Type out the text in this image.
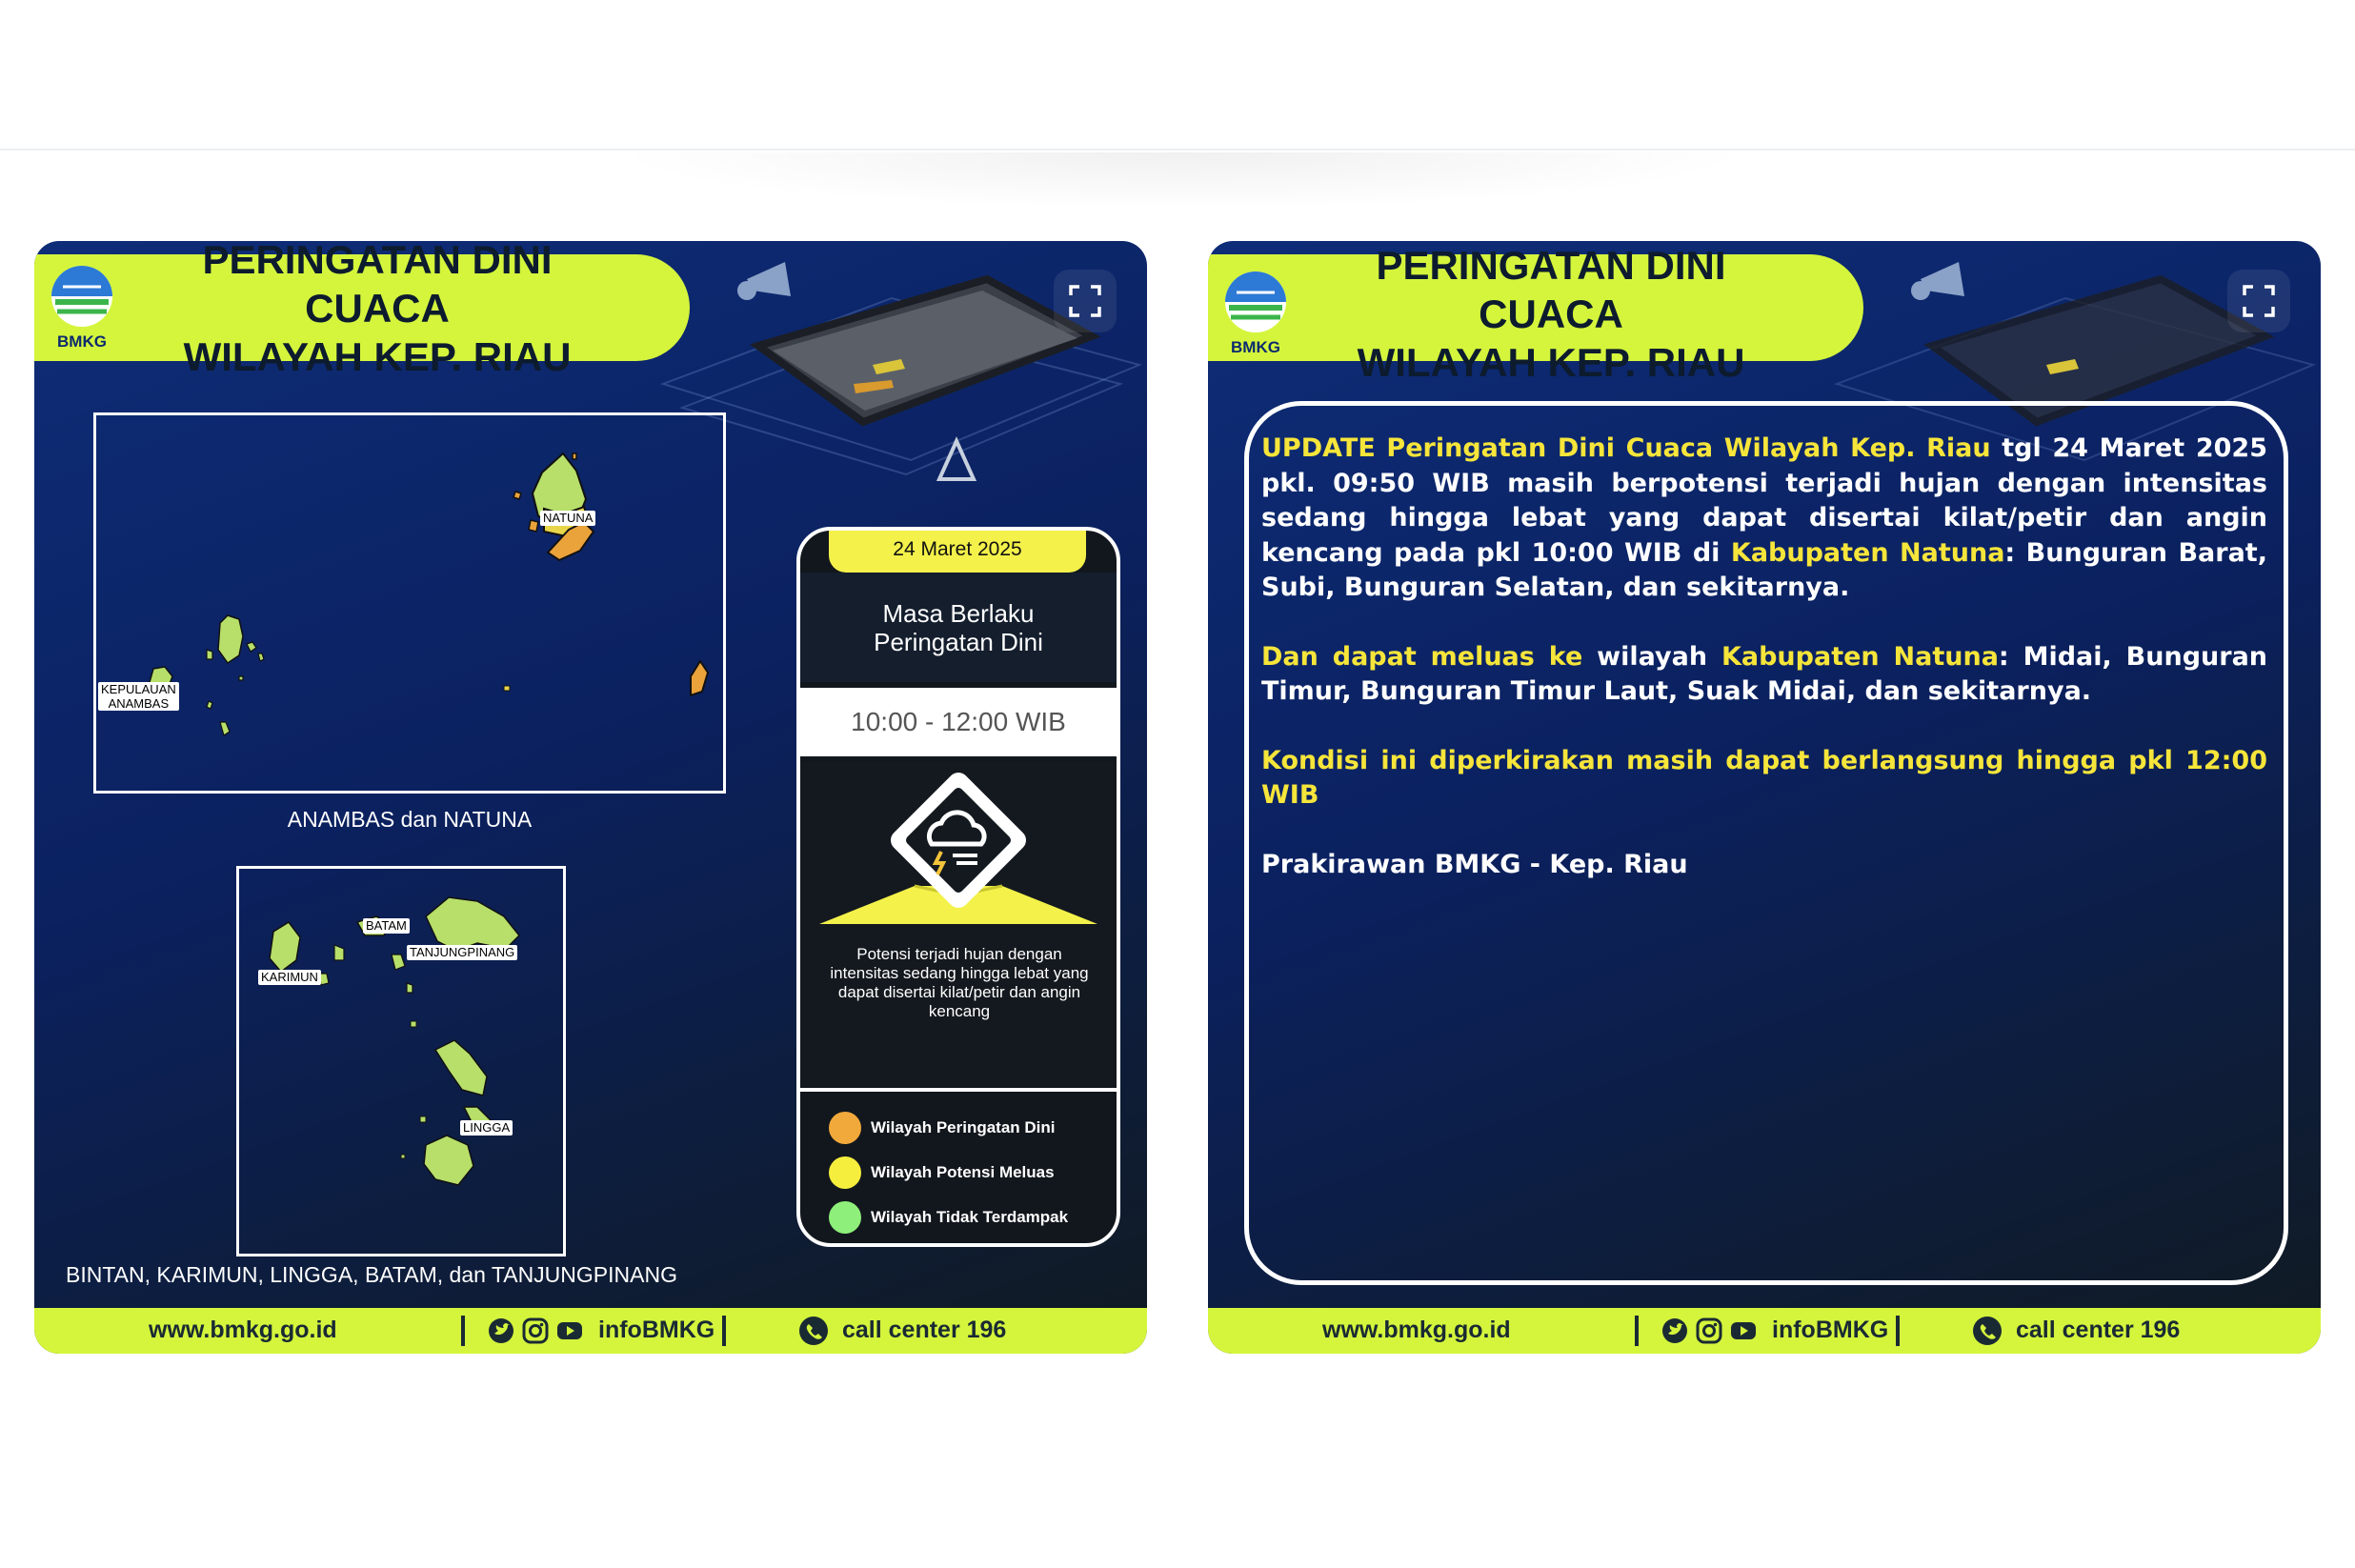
BMKG
PERINGATAN DINI CUACA
WILAYAH KEP. RIAU
NATUNA
KEPULAUAN
ANAMBAS
ANAMBAS dan NATUNA
BATAM
TANJUNGPINANG
KARIMUN
LINGGA
BINTAN, KARIMUN, LINGGA, BATAM, dan TANJUNGPINANG
24 Maret 2025
Masa Berlaku
Peringatan Dini
10:00 - 12:00 WIB
Potensi terjadi hujan dengan intensitas sedang hingga lebat yang dapat disertai kilat/petir dan angin kencang
Wilayah Peringatan Dini
Wilayah Potensi Meluas
Wilayah Tidak Terdampak
www.bmkg.go.id	infoBMKG	call center 196
BMKG
PERINGATAN DINI CUACA
WILAYAH KEP. RIAU

UPDATE Peringatan Dini Cuaca Wilayah Kep. Riau tgl 24 Maret 2025 pkl. 09:50 WIB masih berpotensi terjadi hujan dengan intensitas sedang hingga lebat yang dapat disertai kilat/petir dan angin kencang pada pkl 10:00 WIB di Kabupaten Natuna: Bunguran Barat, Subi, Bunguran Selatan, dan sekitarnya.

Dan dapat meluas ke wilayah Kabupaten Natuna: Midai, Bunguran Timur, Bunguran Timur Laut, Suak Midai, dan sekitarnya.

Kondisi ini diperkirakan masih dapat berlangsung hingga pkl 12:00 WIB

Prakirawan BMKG - Kep. Riau

www.bmkg.go.id	infoBMKG	call center 196
